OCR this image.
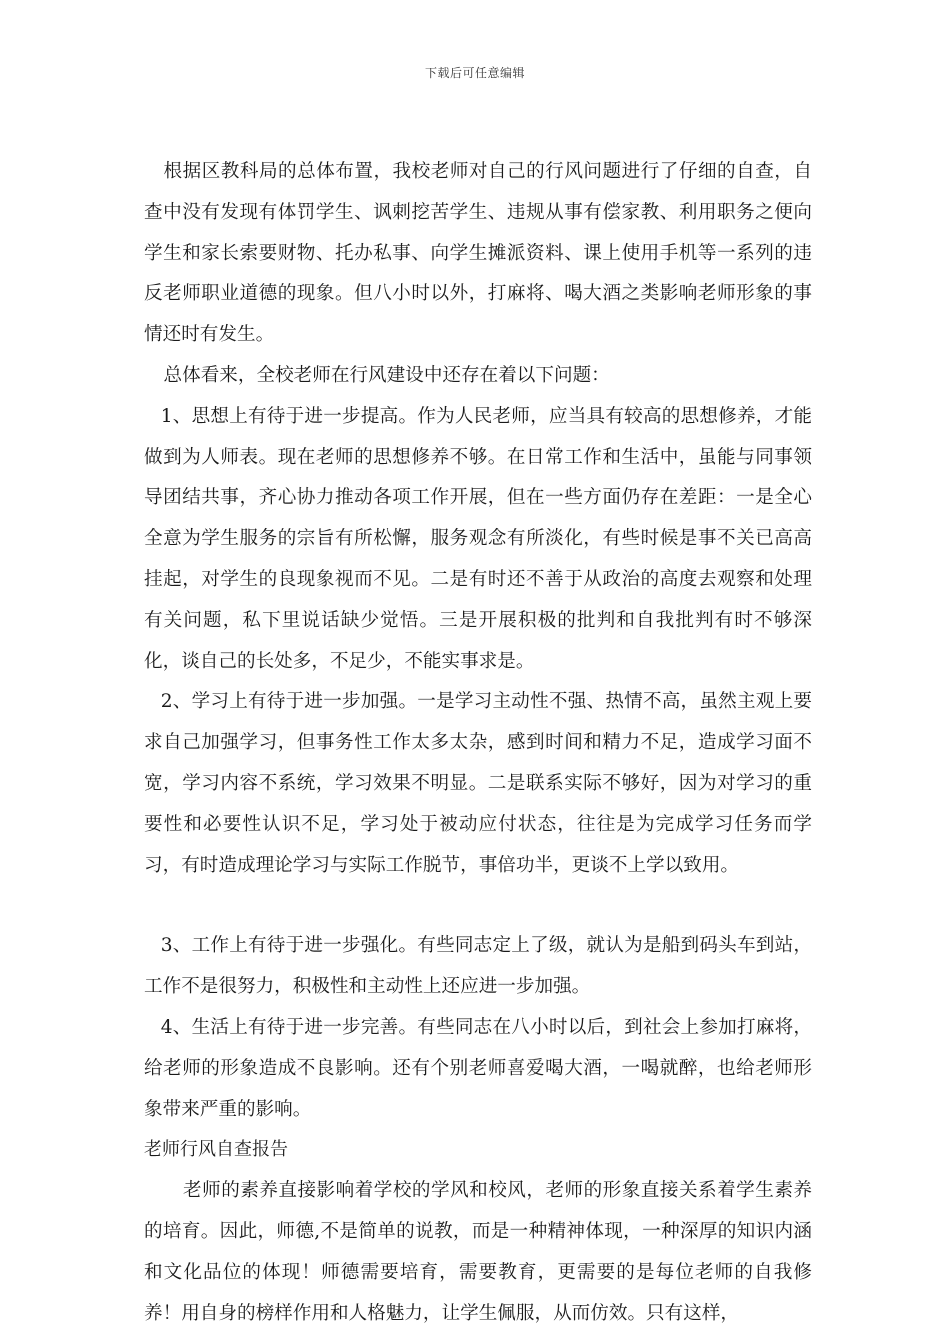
下载后可任意编辑

根据区教科局的总体布置，我校老师对自己的行风问题进行了仔细的自查，自查中没有发现有体罚学生、讽刺挖苦学生、违规从事有偿家教、利用职务之便向学生和家长索要财物、托办私事、向学生摊派资料、课上使用手机等一系列的违反老师职业道德的现象。但八小时以外，打麻将、喝大酒之类影响老师形象的事情还时有发生。

总体看来，全校老师在行风建设中还存在着以下问题：

1、思想上有待于进一步提高。作为人民老师，应当具有较高的思想修养，才能做到为人师表。现在老师的思想修养不够。在日常工作和生活中，虽能与同事领导团结共事，齐心协力推动各项工作开展，但在一些方面仍存在差距：一是全心全意为学生服务的宗旨有所松懈，服务观念有所淡化，有些时候是事不关已高高挂起，对学生的良现象视而不见。二是有时还不善于从政治的高度去观察和处理有关问题，私下里说话缺少觉悟。三是开展积极的批判和自我批判有时不够深化，谈自己的长处多，不足少，不能实事求是。

2、学习上有待于进一步加强。一是学习主动性不强、热情不高，虽然主观上要求自己加强学习，但事务性工作太多太杂，感到时间和精力不足，造成学习面不宽，学习内容不系统，学习效果不明显。二是联系实际不够好，因为对学习的重要性和必要性认识不足，学习处于被动应付状态，往往是为完成学习任务而学习，有时造成理论学习与实际工作脱节，事倍功半，更谈不上学以致用。

3、工作上有待于进一步强化。有些同志定上了级，就认为是船到码头车到站，工作不是很努力，积极性和主动性上还应进一步加强。

4、生活上有待于进一步完善。有些同志在八小时以后，到社会上参加打麻将，给老师的形象造成不良影响。还有个别老师喜爱喝大酒，一喝就醉，也给老师形象带来严重的影响。

老师行风自查报告

老师的素养直接影响着学校的学风和校风，老师的形象直接关系着学生素养的培育。因此，师德,不是简单的说教，而是一种精神体现，一种深厚的知识内涵和文化品位的体现！师德需要培育，需要教育，更需要的是每位老师的自我修养！用自身的榜样作用和人格魅力，让学生佩服，从而仿效。只有这样，
